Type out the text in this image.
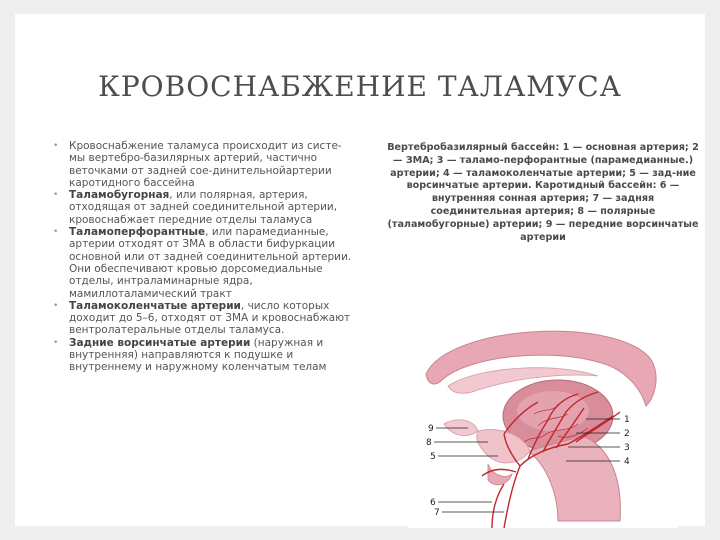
КРОВОСНАБЖЕНИЕ ТАЛАМУСА
• Кровоснабжение таламуса происходит из систе-мы вертебро-базилярных артерий, частично веточками от задней сое-динительнойартерии каротидного бассейна
• Таламобугорная, или полярная, артерия, отходящая от задней соединительной артерии, кровоснабжает передние отделы таламуса
• Таламоперфорантные, или парамедианные, артерии отходят от ЗМА в области бифуркации основной или от задней соединительной артерии. Они обеспечивают кровью дорсомедиальные отделы, интраламинарные ядра, мамиллоталамический тракт
• Таламоколенчатые артерии, число которых доходит до 5–6, отходят от ЗМА и кровоснабжают вентролатеральные отделы таламуса.
• Задние ворсинчатые артерии (наружная и внутренняя) направляются к подушке и внутреннему и наружному коленчатым телам
Вертебробазилярный бассейн: 1 — основная артерия; 2 — ЗМА; 3 — таламо-перфорантные (парамедианные.) артерии; 4 — таламоколенчатые артерии; 5 — зад-ние ворсинчатые артерии. Каротидный бассейн: 6 — внутренняя сонная артерия; 7 — задняя соединительная артерия; 8 — полярные (таламобугорные) артерии; 9 — передние ворсинчатые артерии
1
2
3
4
9
8
5
6
7
